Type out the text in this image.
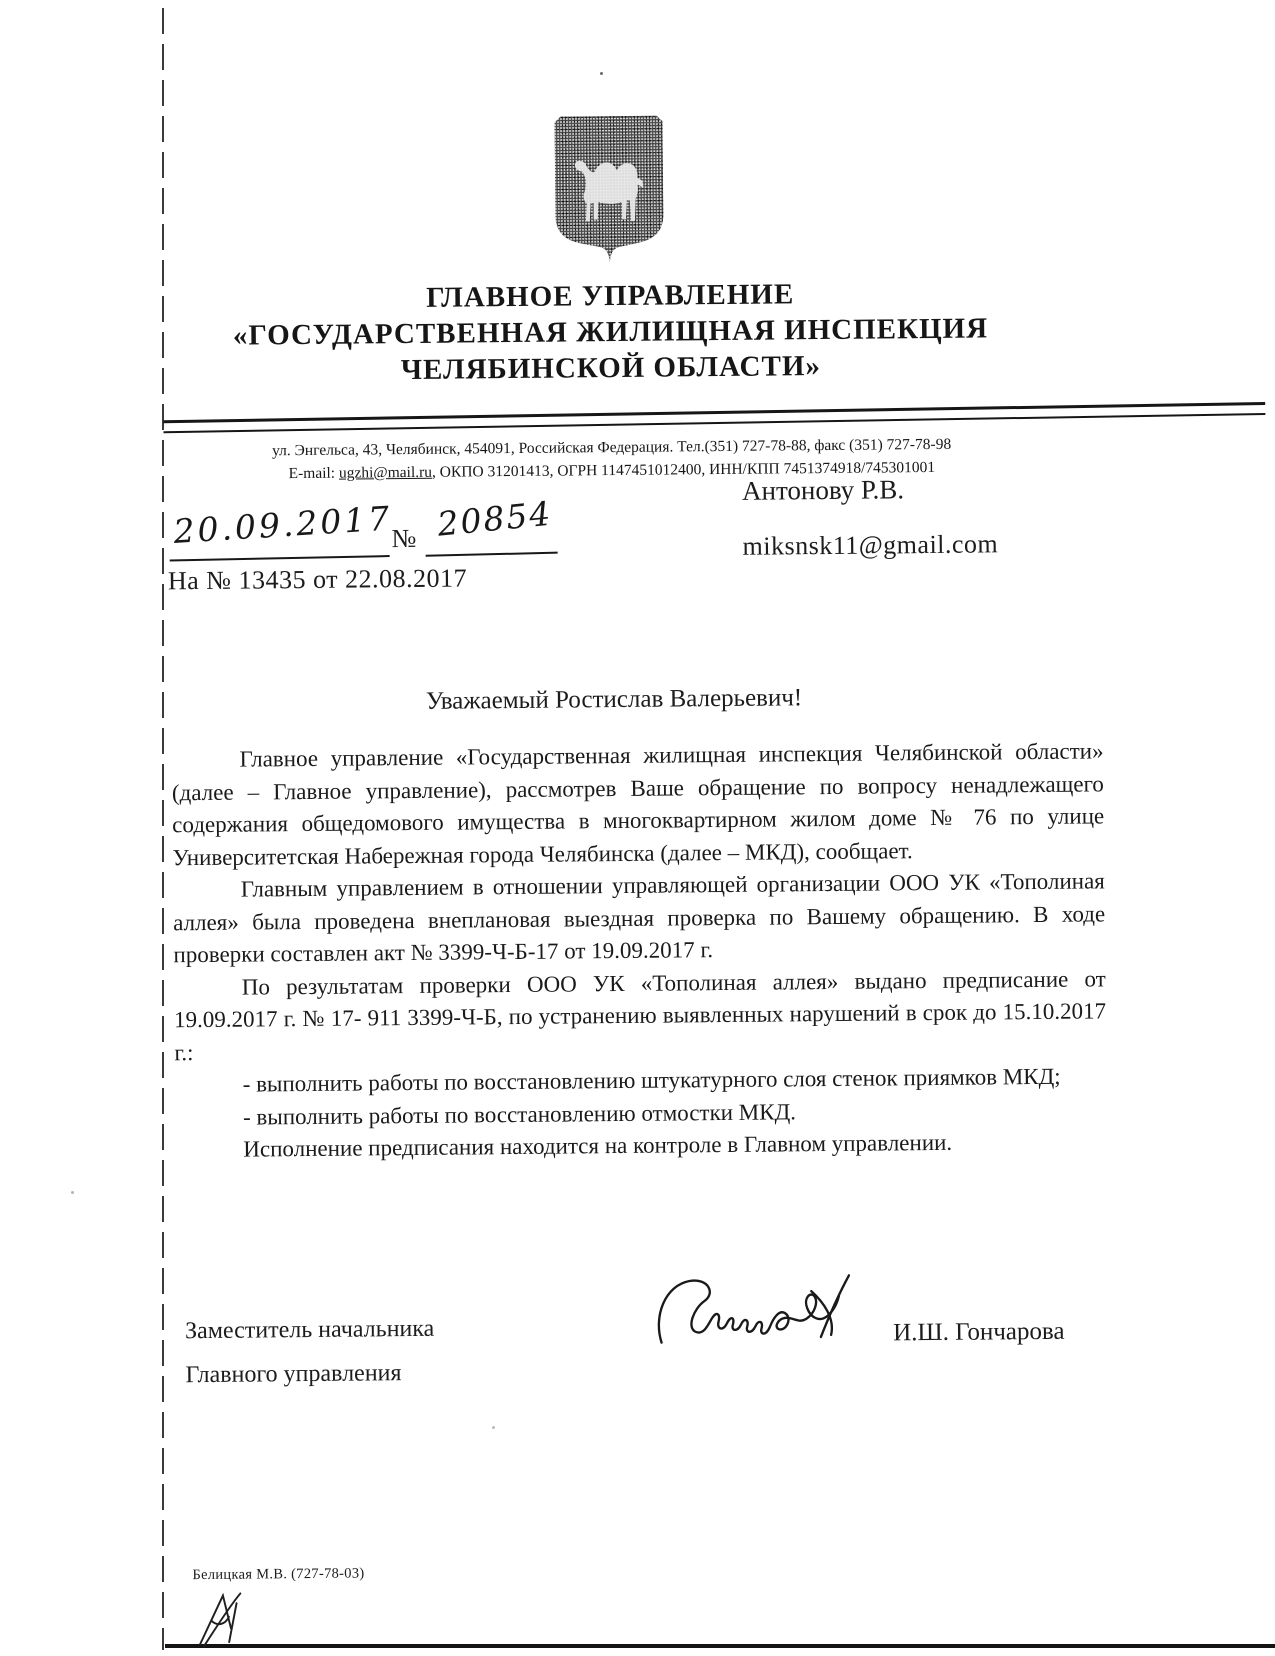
ГЛАВНОЕ УПРАВЛЕНИЕ
«ГОСУДАРСТВЕННАЯ ЖИЛИЩНАЯ ИНСПЕКЦИЯ
ЧЕЛЯБИНСКОЙ ОБЛАСТИ»
ул. Энгельса, 43, Челябинск, 454091, Российская Федерация. Тел.(351) 727-78-88, факс (351) 727-78-98
E-mail: ugzhi@mail.ru, ОКПО 31201413, ОГРН 1147451012400, ИНН/КПП 7451374918/745301001
20.09.2017
№ 20854
На № 13435 от 22.08.2017
Антонову Р.В.
miksnsk11@gmail.com
Уважаемый Ростислав Валерьевич!

Главное управление «Государственная жилищная инспекция Челябинской области» (далее – Главное управление), рассмотрев Ваше обращение по вопросу ненадлежащего содержания общедомового имущества в многоквартирном жилом доме № 76 по улице Университетская Набережная города Челябинска (далее – МКД), сообщает.

Главным управлением в отношении управляющей организации ООО УК «Тополиная аллея» была проведена внеплановая выездная проверка по Вашему обращению. В ходе проверки составлен акт № 3399-Ч-Б-17 от 19.09.2017 г.

По результатам проверки ООО УК «Тополиная аллея» выдано предписание от 19.09.2017 г. № 17- 911 3399-Ч-Б, по устранению выявленных нарушений в срок до 15.10.2017 г.:

- выполнить работы по восстановлению штукатурного слоя стенок приямков МКД;

- выполнить работы по восстановлению отмостки МКД.

Исполнение предписания находится на контроле в Главном управлении.

Заместитель начальника
Главного управления
И.Ш. Гончарова
Белицкая М.В. (727-78-03)
